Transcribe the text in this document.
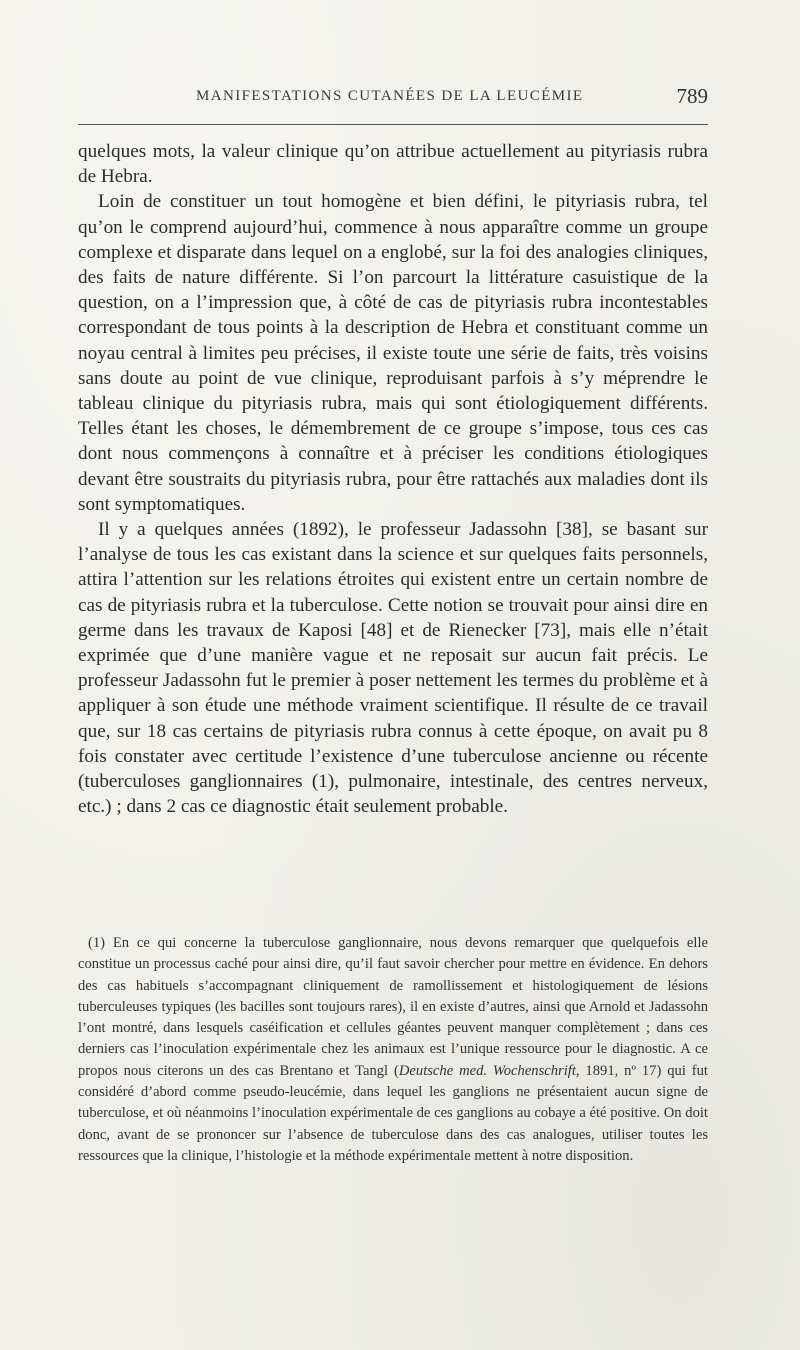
MANIFESTATIONS CUTANÉES DE LA LEUCÉMIE	789

quelques mots, la valeur clinique qu’on attribue actuellement au pityriasis rubra de Hebra.

Loin de constituer un tout homogène et bien défini, le pityriasis rubra, tel qu’on le comprend aujourd’hui, commence à nous apparaître comme un groupe complexe et disparate dans lequel on a englobé, sur la foi des analogies cliniques, des faits de nature différente. Si l’on parcourt la littérature casuistique de la question, on a l’impression que, à côté de cas de pityriasis rubra incontestables correspondant de tous points à la description de Hebra et constituant comme un noyau central à limites peu précises, il existe toute une série de faits, très voisins sans doute au point de vue clinique, reproduisant parfois à s’y méprendre le tableau clinique du pityriasis rubra, mais qui sont étiologiquement différents. Telles étant les choses, le démembrement de ce groupe s’impose, tous ces cas dont nous commençons à connaître et à préciser les conditions étiologiques devant être soustraits du pityriasis rubra, pour être rattachés aux maladies dont ils sont symptomatiques.

Il y a quelques années (1892), le professeur Jadassohn [38], se basant sur l’analyse de tous les cas existant dans la science et sur quelques faits personnels, attira l’attention sur les relations étroites qui existent entre un certain nombre de cas de pityriasis rubra et la tuberculose. Cette notion se trouvait pour ainsi dire en germe dans les travaux de Kaposi [48] et de Rienecker [73], mais elle n’était exprimée que d’une manière vague et ne reposait sur aucun fait précis. Le professeur Jadassohn fut le premier à poser nettement les termes du problème et à appliquer à son étude une méthode vraiment scientifique. Il résulte de ce travail que, sur 18 cas certains de pityriasis rubra connus à cette époque, on avait pu 8 fois constater avec certitude l’existence d’une tuberculose ancienne ou récente (tuberculoses ganglionnaires (1), pulmonaire, intestinale, des centres nerveux, etc.) ; dans 2 cas ce diagnostic était seulement probable.

(1) En ce qui concerne la tuberculose ganglionnaire, nous devons remarquer que quelquefois elle constitue un processus caché pour ainsi dire, qu’il faut savoir chercher pour mettre en évidence. En dehors des cas habituels s’accompagnant cliniquement de ramollissement et histologiquement de lésions tuberculeuses typiques (les bacilles sont toujours rares), il en existe d’autres, ainsi que Arnold et Jadassohn l’ont montré, dans lesquels caséification et cellules géantes peuvent manquer complètement ; dans ces derniers cas l’inoculation expérimentale chez les animaux est l’unique ressource pour le diagnostic. A ce propos nous citerons un des cas Brentano et Tangl (Deutsche med. Wochenschrift, 1891, nº 17) qui fut considéré d’abord comme pseudo-leucémie, dans lequel les ganglions ne présentaient aucun signe de tuberculose, et où néanmoins l’inoculation expérimentale de ces ganglions au cobaye a été positive. On doit donc, avant de se prononcer sur l’absence de tuberculose dans des cas analogues, utiliser toutes les ressources que la clinique, l’histologie et la méthode expérimentale mettent à notre disposition.
